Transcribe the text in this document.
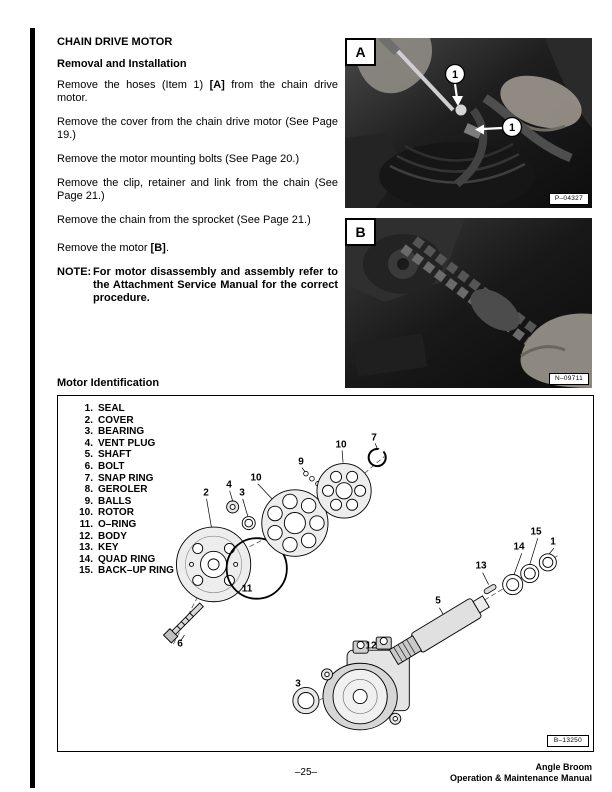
CHAIN DRIVE MOTOR
Removal and Installation

Remove the hoses (Item 1) [A] from the chain drive motor.

Remove the cover from the chain drive motor (See Page 19.)

Remove the motor mounting bolts (See Page 20.)

Remove the clip, retainer and link from the chain (See Page 21.)

Remove the chain from the sprocket (See Page 21.)

Remove the motor [B].

NOTE: For motor disassembly and assembly refer to the Attachment Service Manual for the correct procedure.
Motor Identification
1
1
A
P–04327
B
N–09711
1. SEAL
2. COVER
3. BEARING
4. VENT PLUG
5. SHAFT
6. BOLT
7. SNAP RING
8. GEROLER
9. BALLS
10. ROTOR
11. O–RING
12. BODY
13. KEY
14. QUAD RING
15. BACK–UP RING
2
4
3
10
9
10
7
15
14	1
13
5
11
6	12
3
B–13250
–25–	Angle Broom
Operation & Maintenance Manual
